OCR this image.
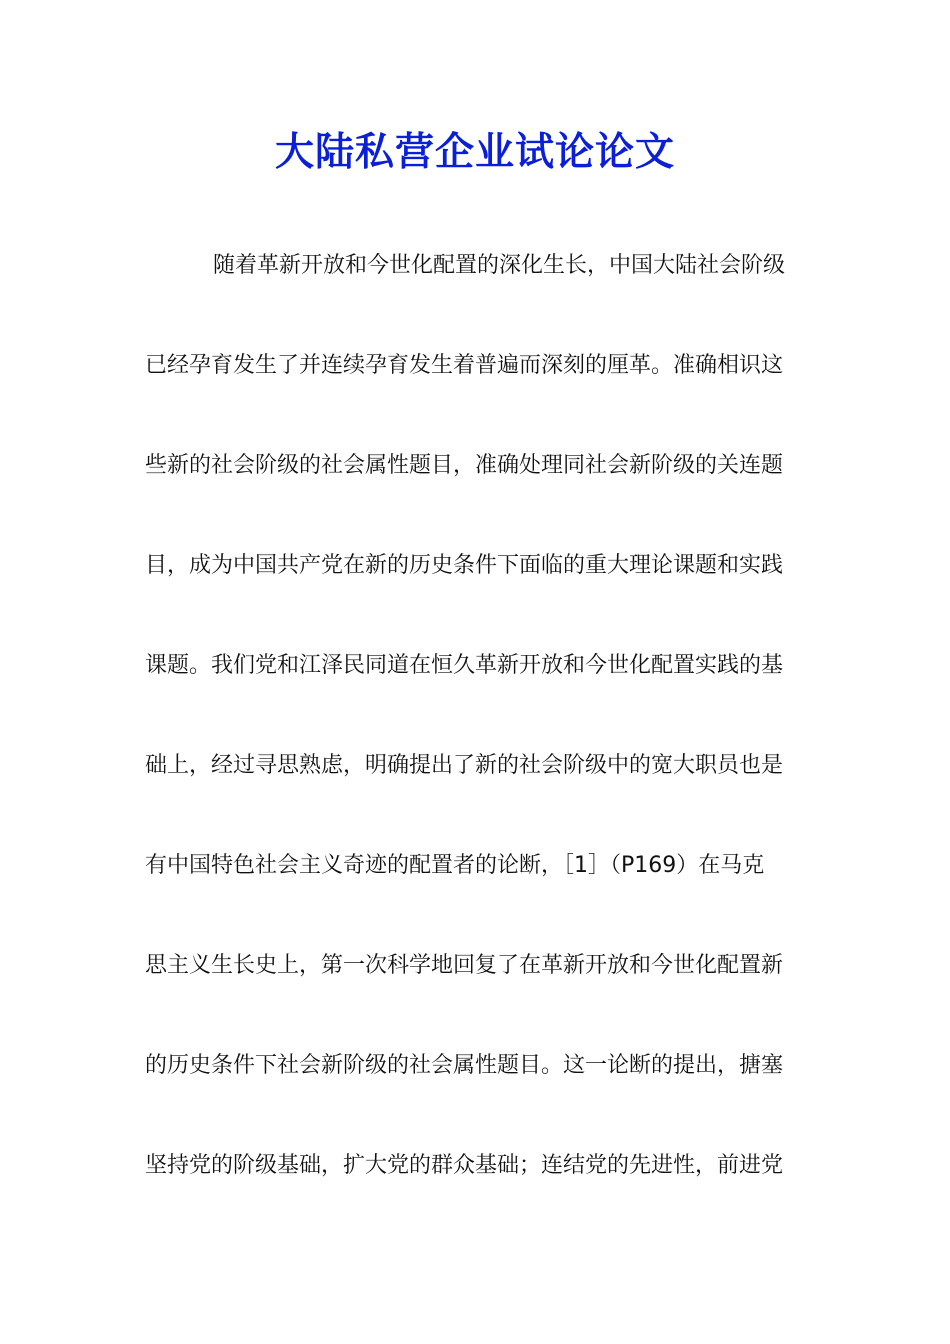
大陆私营企业试论论文
随着革新开放和今世化配置的深化生长，中国大陆社会阶级
已经孕育发生了并连续孕育发生着普遍而深刻的厘革。准确相识这
些新的社会阶级的社会属性题目，准确处理同社会新阶级的关连题
目，成为中国共产党在新的历史条件下面临的重大理论课题和实践
课题。我们党和江泽民同道在恒久革新开放和今世化配置实践的基
础上，经过寻思熟虑，明确提出了新的社会阶级中的宽大职员也是
有中国特色社会主义奇迹的配置者的论断，［1］（P169）在马克
思主义生长史上，第一次科学地回复了在革新开放和今世化配置新
的历史条件下社会新阶级的社会属性题目。这一论断的提出，搪塞
坚持党的阶级基础，扩大党的群众基础；连结党的先进性，前进党
